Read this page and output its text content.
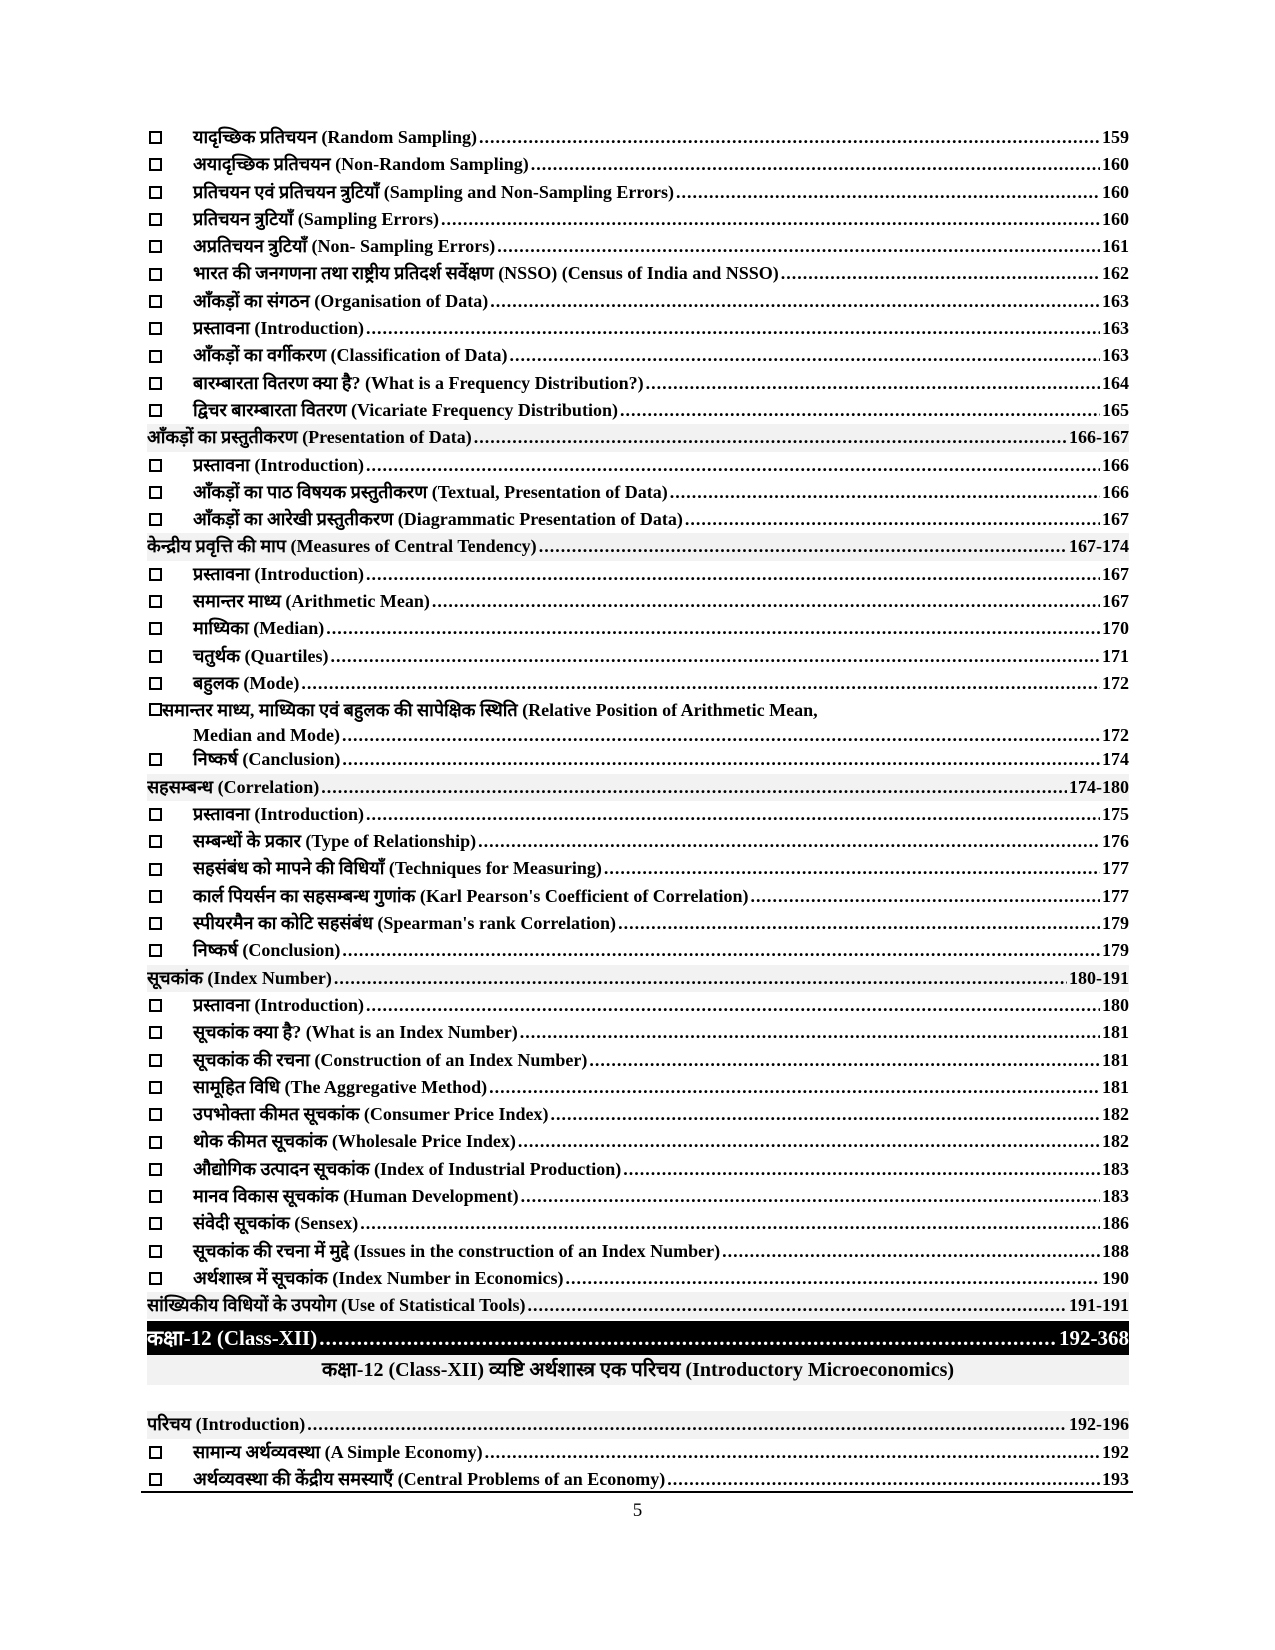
यादृच्छिक प्रतिचयन (Random Sampling) .....	159
अयादृच्छिक प्रतिचयन (Non-Random Sampling) .....	160
प्रतिचयन एवं प्रतिचयन त्रुटियाँ (Sampling and Non-Sampling Errors) .....	160
प्रतिचयन त्रुटियाँ (Sampling Errors) .....	160
अप्रतिचयन त्रुटियाँ (Non- Sampling Errors) .....	161
भारत की जनगणना तथा राष्ट्रीय प्रतिदर्श सर्वेक्षण (NSSO) (Census of India and NSSO) .....	162
आँकड़ों का संगठन (Organisation of Data) .....	163
प्रस्तावना (Introduction) .....	163
आँकड़ों का वर्गीकरण (Classification of Data) .....	163
बारम्बारता वितरण क्या है? (What is a Frequency Distribution?) .....	164
द्विचर बारम्बारता वितरण (Vicariate Frequency Distribution) .....	165
आँकड़ों का प्रस्तुतीकरण (Presentation of Data) .....	166-167
प्रस्तावना (Introduction) .....	166
आँकड़ों का पाठ विषयक प्रस्तुतीकरण (Textual, Presentation of Data) .....	166
आँकड़ों का आरेखी प्रस्तुतीकरण (Diagrammatic Presentation of Data) .....	167
केन्द्रीय प्रवृत्ति की माप (Measures of Central Tendency) .....	167-174
प्रस्तावना (Introduction) .....	167
समान्तर माध्य (Arithmetic Mean) .....	167
माध्यिका (Median) .....	170
चतुर्थक (Quartiles) .....	171
बहुलक (Mode) .....	172
समान्तर माध्य, माध्यिका एवं बहुलक की सापेक्षिक स्थिति (Relative Position of Arithmetic Mean,
Median and Mode) .....	172
निष्कर्ष (Canclusion) .....	174
सहसम्बन्ध (Correlation) .....	174-180
प्रस्तावना (Introduction) .....	175
सम्बन्धों के प्रकार (Type of Relationship) .....	176
सहसंबंध को मापने की विधियाँ (Techniques for Measuring) .....	177
कार्ल पियर्सन का सहसम्बन्ध गुणांक (Karl Pearson's Coefficient of Correlation) .....	177
स्पीयरमैन का कोटि सहसंबंध (Spearman's rank Correlation) .....	179
निष्कर्ष (Conclusion) .....	179
सूचकांक (Index Number) .....	180-191
प्रस्तावना (Introduction) .....	180
सूचकांक क्या है? (What is an Index Number) .....	181
सूचकांक की रचना (Construction of an Index Number) .....	181
सामूहित विधि (The Aggregative Method) .....	181
उपभोक्ता कीमत सूचकांक (Consumer Price Index) .....	182
थोक कीमत सूचकांक (Wholesale Price Index) .....	182
औद्योगिक उत्पादन सूचकांक (Index of Industrial Production) .....	183
मानव विकास सूचकांक (Human Development) .....	183
संवेदी सूचकांक (Sensex) .....	186
सूचकांक की रचना में मुद्दे (Issues in the construction of an Index Number) .....	188
अर्थशास्त्र में सूचकांक (Index Number in Economics) .....	190
सांख्यिकीय विधियों के उपयोग (Use of Statistical Tools) .....	191-191
कक्षा-12 (Class-XII) .....	192-368
कक्षा-12 (Class-XII) व्यष्टि अर्थशास्त्र एक परिचय (Introductory Microeconomics)
परिचय (Introduction) .....	192-196
सामान्य अर्थव्यवस्था (A Simple Economy) .....	192
अर्थव्यवस्था की केंद्रीय समस्याएँ (Central Problems of an Economy) .....	193
5
